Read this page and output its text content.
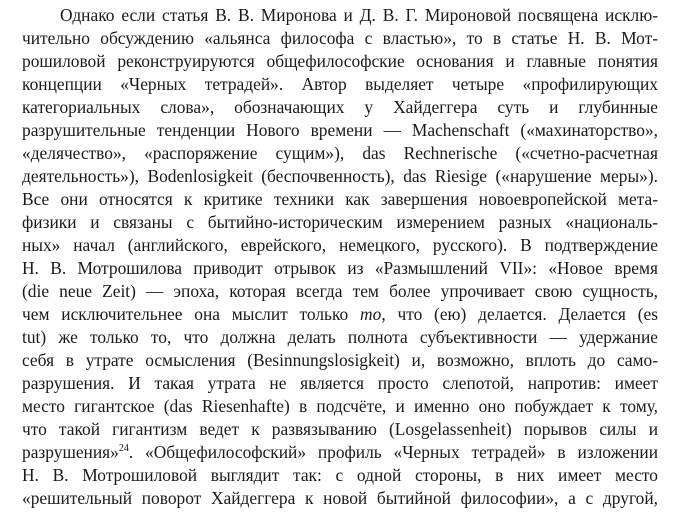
Однако если статья В. В. Миронова и Д. В. Г. Мироновой посвящена исклю-
чительно обсуждению «альянса философа с властью», то в статье Н. В. Мот-
рошиловой реконструируются общефилософские основания и главные понятия
концепции «Черных тетрадей». Автор выделяет четыре «профилирующих
категориальных слова», обозначающих у Хайдеггера суть и глубинные
разрушительные тенденции Нового времени — Machenschaft («махинаторство»,
«делячество», «распоряжение сущим»), das Rechnerische («счетно-расчетная
деятельность»), Bodenlosigkeit (беспочвенность), das Riesige («нарушение меры»).
Все они относятся к критике техники как завершения новоевропейской мета-
физики и связаны с бытийно-историческим измерением разных «националь-
ных» начал (английского, еврейского, немецкого, русского). В подтверждение
Н. В. Мотрошилова приводит отрывок из «Размышлений VII»: «Новое время
(die neue Zeit) — эпоха, которая всегда тем более упрочивает свою сущность,
чем исключительнее она мыслит только то, что (ею) делается. Делается (es
tut) же только то, что должна делать полнота субъективности — удержание
себя в утрате осмысления (Besinnungslosigkeit) и, возможно, вплоть до само-
разрушения. И такая утрата не является просто слепотой, напротив: имеет
место гигантское (das Riesenhafte) в подсчёте, и именно оно побуждает к тому,
что такой гигантизм ведет к развязыванию (Losgelassenheit) порывов силы и
разрушения»$^{24}$. «Общефилософский» профиль «Черных тетрадей» в изложении
Н. В. Мотрошиловой выглядит так: с одной стороны, в них имеет место
«решительный поворот Хайдеггера к новой бытийной философии», а с другой,
